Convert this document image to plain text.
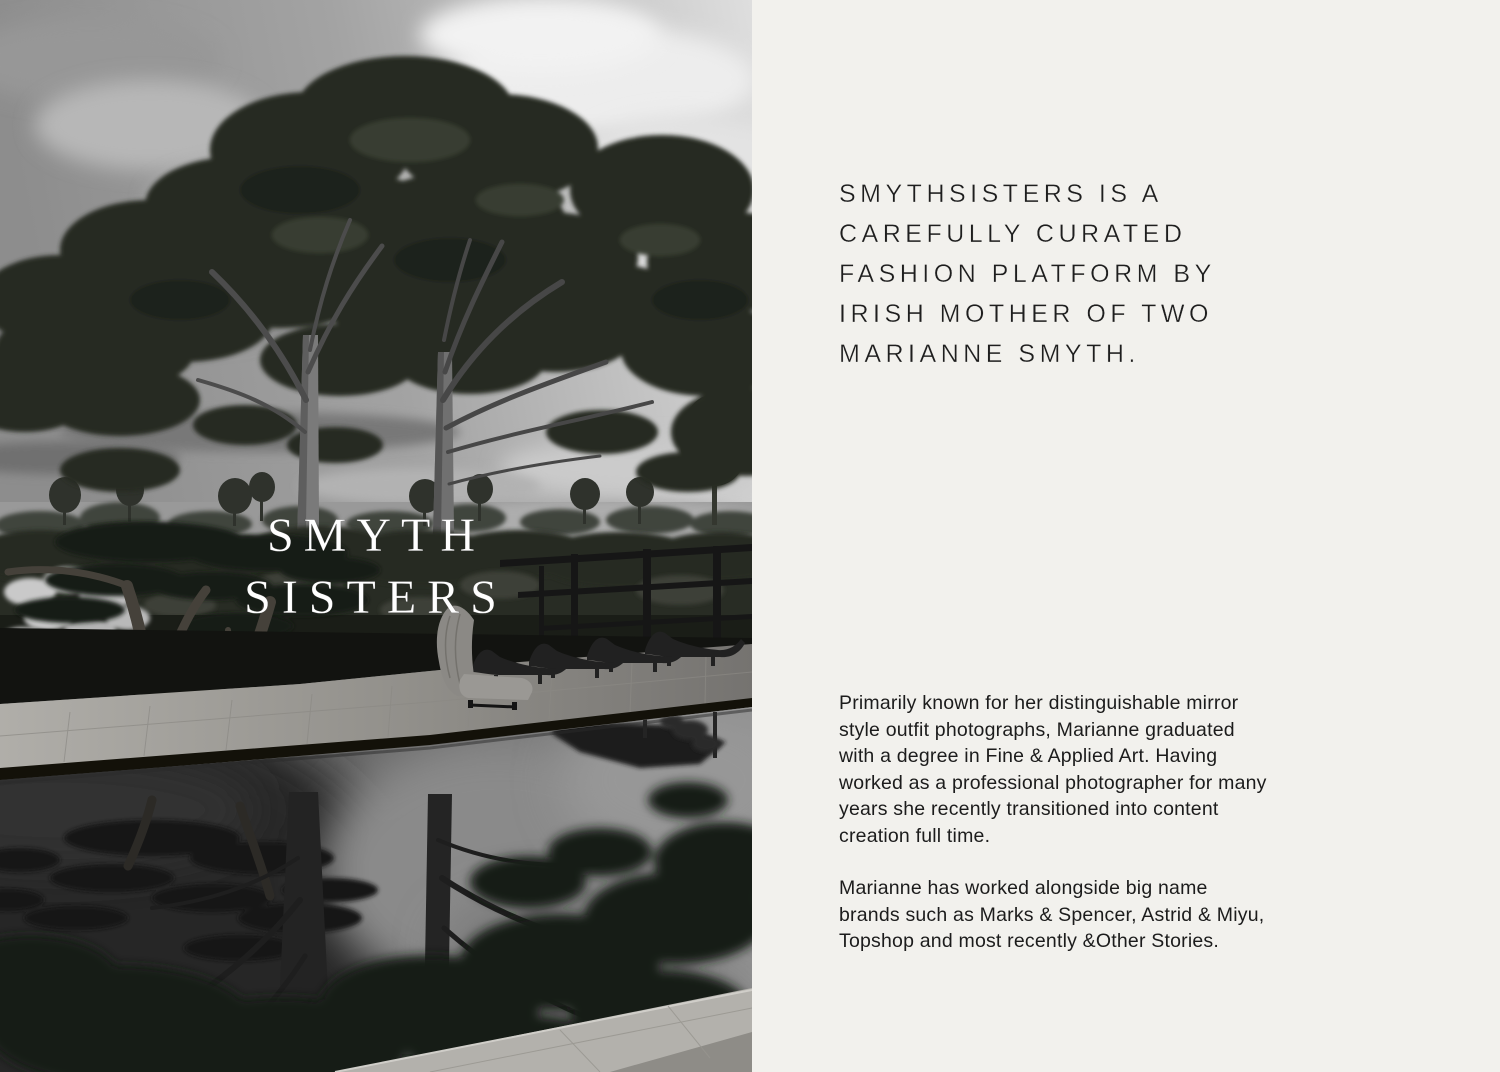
SMYTH
SISTERS
SMYTHSISTERS IS A
CAREFULLY CURATED
FASHION PLATFORM BY
IRISH MOTHER OF TWO
MARIANNE SMYTH.
Primarily known for her distinguishable mirror
style outfit photographs, Marianne graduated
with a degree in Fine & Applied Art. Having
worked as a professional photographer for many
years she recently transitioned into content
creation full time.
Marianne has worked alongside big name
brands such as Marks & Spencer, Astrid & Miyu,
Topshop and most recently &Other Stories.
